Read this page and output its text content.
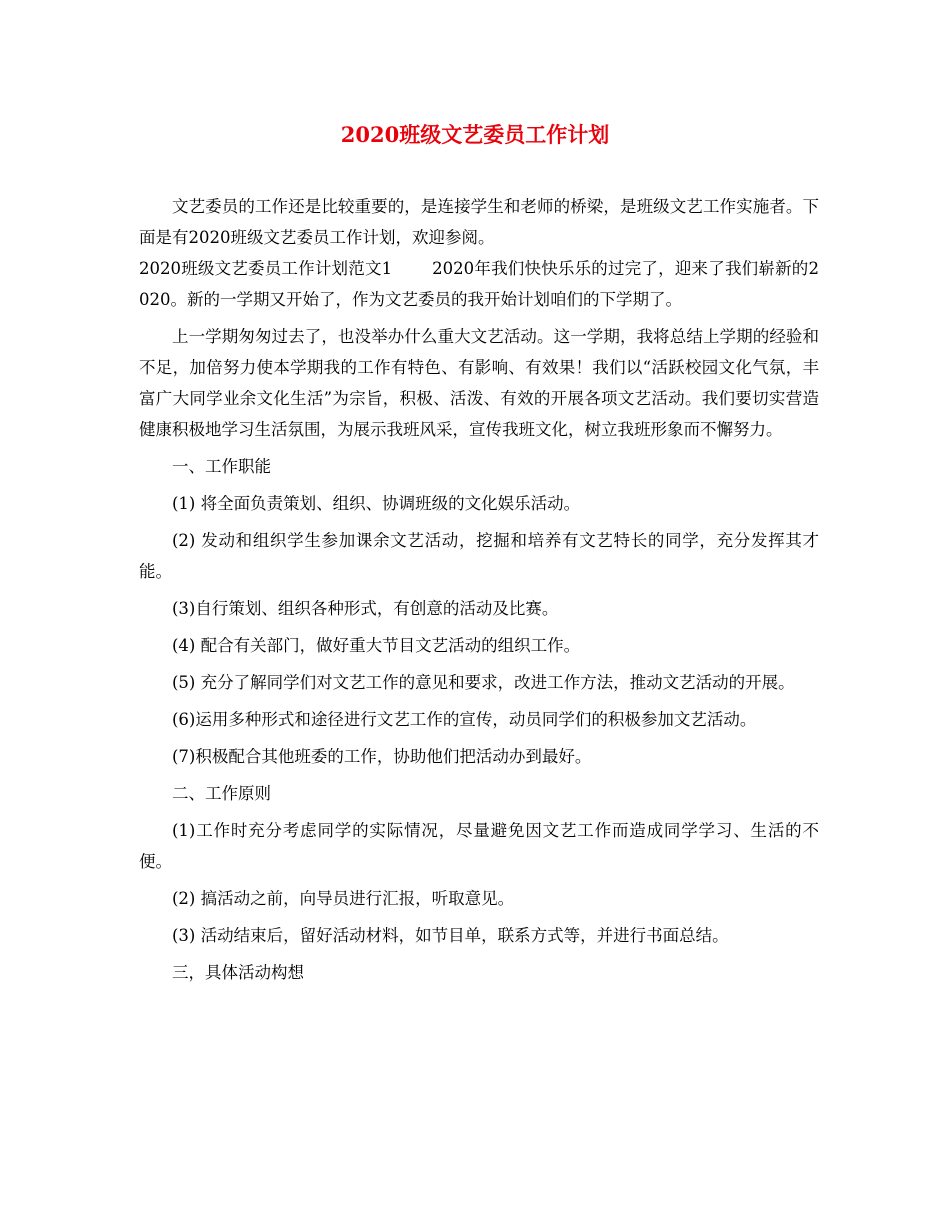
2020班级文艺委员工作计划

文艺委员的工作还是比较重要的，是连接学生和老师的桥梁，是班级文艺工作实施者。下面是有2020班级文艺委员工作计划，欢迎参阅。

2020班级文艺委员工作计划范文1 2020年我们快快乐乐的过完了，迎来了我们崭新的2020。新的一学期又开始了，作为文艺委员的我开始计划咱们的下学期了。

上一学期匆匆过去了，也没举办什么重大文艺活动。这一学期，我将总结上学期的经验和不足，加倍努力使本学期我的工作有特色、有影响、有效果！我们以“活跃校园文化气氛，丰富广大同学业余文化生活”为宗旨，积极、活泼、有效的开展各项文艺活动。我们要切实营造健康积极地学习生活氛围，为展示我班风采，宣传我班文化，树立我班形象而不懈努力。

一、工作职能

(1) 将全面负责策划、组织、协调班级的文化娱乐活动。

(2) 发动和组织学生参加课余文艺活动，挖掘和培养有文艺特长的同学，充分发挥其才能。

(3)自行策划、组织各种形式，有创意的活动及比赛。

(4) 配合有关部门，做好重大节目文艺活动的组织工作。

(5) 充分了解同学们对文艺工作的意见和要求，改进工作方法，推动文艺活动的开展。

(6)运用多种形式和途径进行文艺工作的宣传，动员同学们的积极参加文艺活动。

(7)积极配合其他班委的工作，协助他们把活动办到最好。

二、工作原则

(1)工作时充分考虑同学的实际情况，尽量避免因文艺工作而造成同学学习、生活的不便。

(2) 搞活动之前，向导员进行汇报，听取意见。

(3) 活动结束后，留好活动材料，如节目单，联系方式等，并进行书面总结。

三，具体活动构想
